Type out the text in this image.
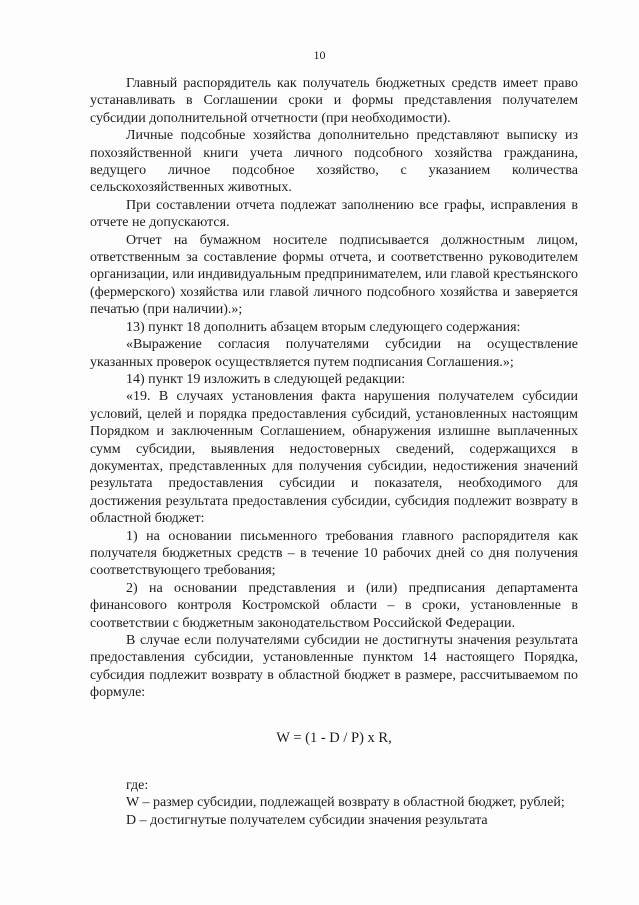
10

Главный распорядитель как получатель бюджетных средств имеет право устанавливать в Соглашении сроки и формы представления получателем субсидии дополнительной отчетности (при необходимости).

Личные подсобные хозяйства дополнительно представляют выписку из похозяйственной книги учета личного подсобного хозяйства гражданина, ведущего личное подсобное хозяйство, с указанием количества сельскохозяйственных животных.

При составлении отчета подлежат заполнению все графы, исправления в отчете не допускаются.

Отчет на бумажном носителе подписывается должностным лицом, ответственным за составление формы отчета, и соответственно руководителем организации, или индивидуальным предпринимателем, или главой крестьянского (фермерского) хозяйства или главой личного подсобного хозяйства и заверяется печатью (при наличии).»;

13) пункт 18 дополнить абзацем вторым следующего содержания:

«Выражение согласия получателями субсидии на осуществление указанных проверок осуществляется путем подписания Соглашения.»;

14) пункт 19 изложить в следующей редакции:

«19. В случаях установления факта нарушения получателем субсидии условий, целей и порядка предоставления субсидий, установленных настоящим Порядком и заключенным Соглашением, обнаружения излишне выплаченных сумм субсидии, выявления недостоверных сведений, содержащихся в документах, представленных для получения субсидии, недостижения значений результата предоставления субсидии и показателя, необходимого для достижения результата предоставления субсидии, субсидия подлежит возврату в областной бюджет:

1) на основании письменного требования главного распорядителя как получателя бюджетных средств – в течение 10 рабочих дней со дня получения соответствующего требования;

2) на основании представления и (или) предписания департамента финансового контроля Костромской области – в сроки, установленные в соответствии с бюджетным законодательством Российской Федерации.

В случае если получателями субсидии не достигнуты значения результата предоставления субсидии, установленные пунктом 14 настоящего Порядка, субсидия подлежит возврату в областной бюджет в размере, рассчитываемом по формуле:

W = (1 - D / P) x R,

где:

W – размер субсидии, подлежащей возврату в областной бюджет, рублей;

D – достигнутые получателем субсидии значения результата
